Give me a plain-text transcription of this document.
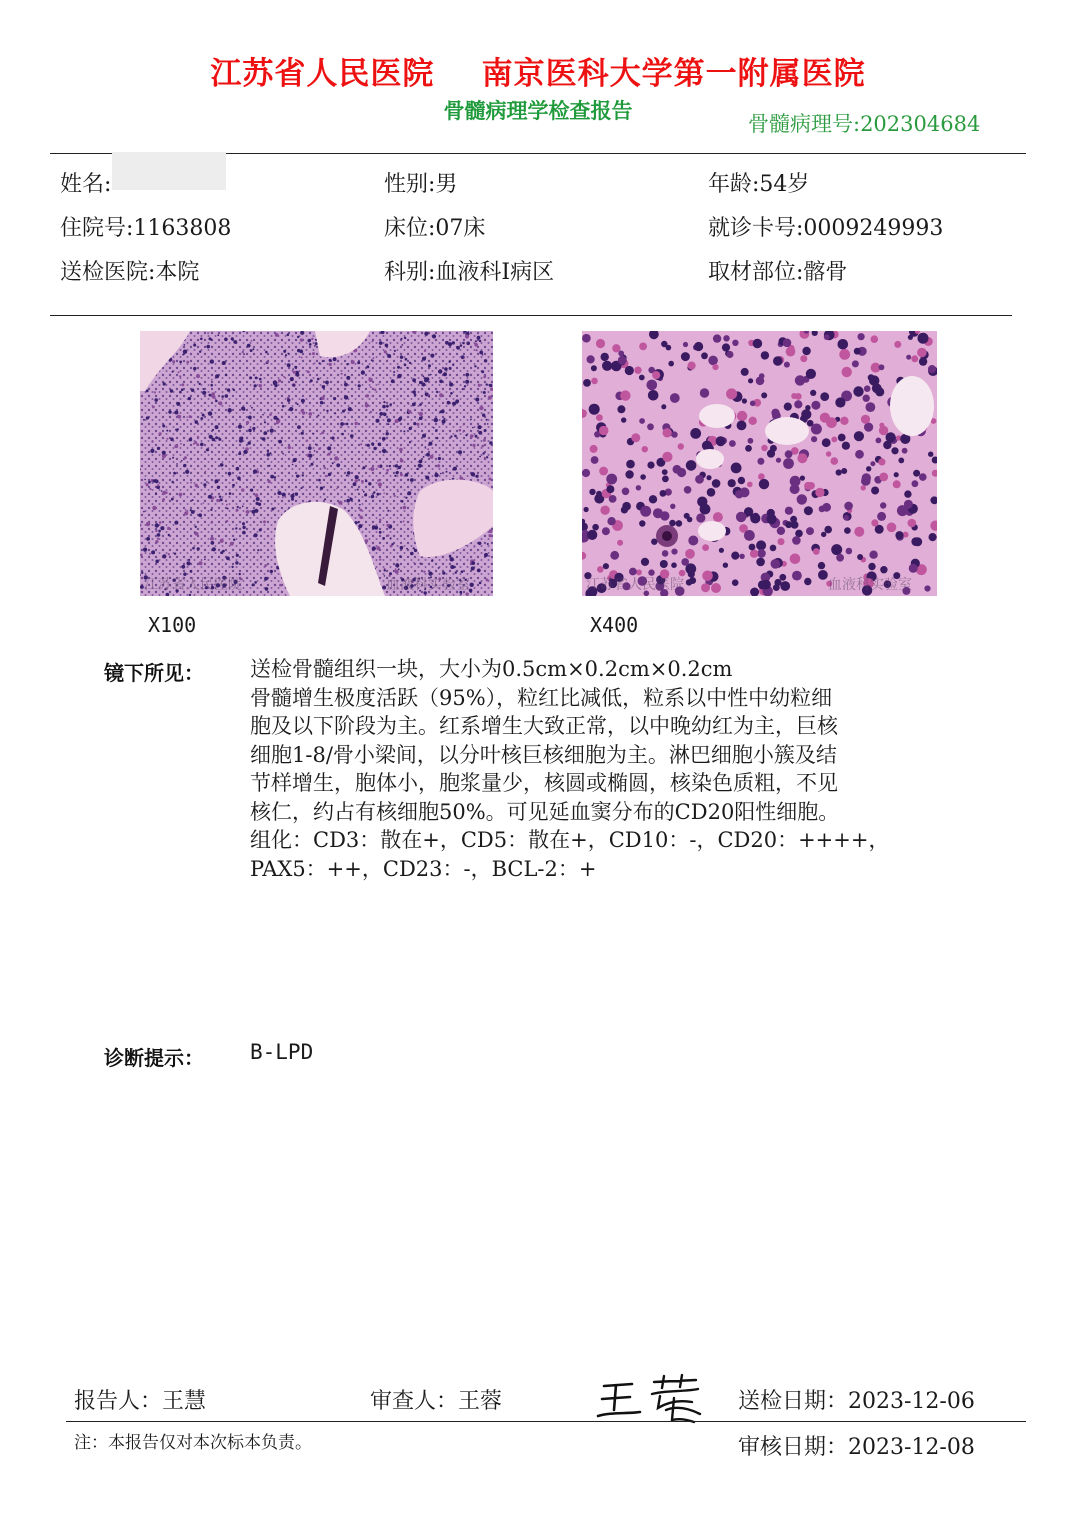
江苏省人民医院    南京医科大学第一附属医院
骨髓病理学检查报告
骨髓病理号:202304684
姓名:	性别:男	年龄:54岁
住院号:1163808	床位:07床	就诊卡号:0009249993
送检医院:本院	科别:血液科I病区	取材部位:髂骨
江苏省人民医院	血液科实验室	江苏省人民医院	血液科实验室
X100	X400
镜下所见： 送检骨髓组织一块，大小为0.5cm×0.2cm×0.2cm
骨髓增生极度活跃（95%），粒红比减低，粒系以中性中幼粒细
胞及以下阶段为主。红系增生大致正常，以中晚幼红为主，巨核
细胞1-8/骨小梁间，以分叶核巨核细胞为主。淋巴细胞小簇及结
节样增生，胞体小，胞浆量少，核圆或椭圆，核染色质粗，不见
核仁，约占有核细胞50%。可见延血窦分布的CD20阳性细胞。
组化：CD3：散在+，CD5：散在+，CD10：-，CD20：++++，
PAX5：++，CD23：-，BCL-2：+
诊断提示： B-LPD
报告人：王慧	审查人：王蓉	送检日期：2023-12-06
注：本报告仅对本次标本负责。	审核日期：2023-12-08
